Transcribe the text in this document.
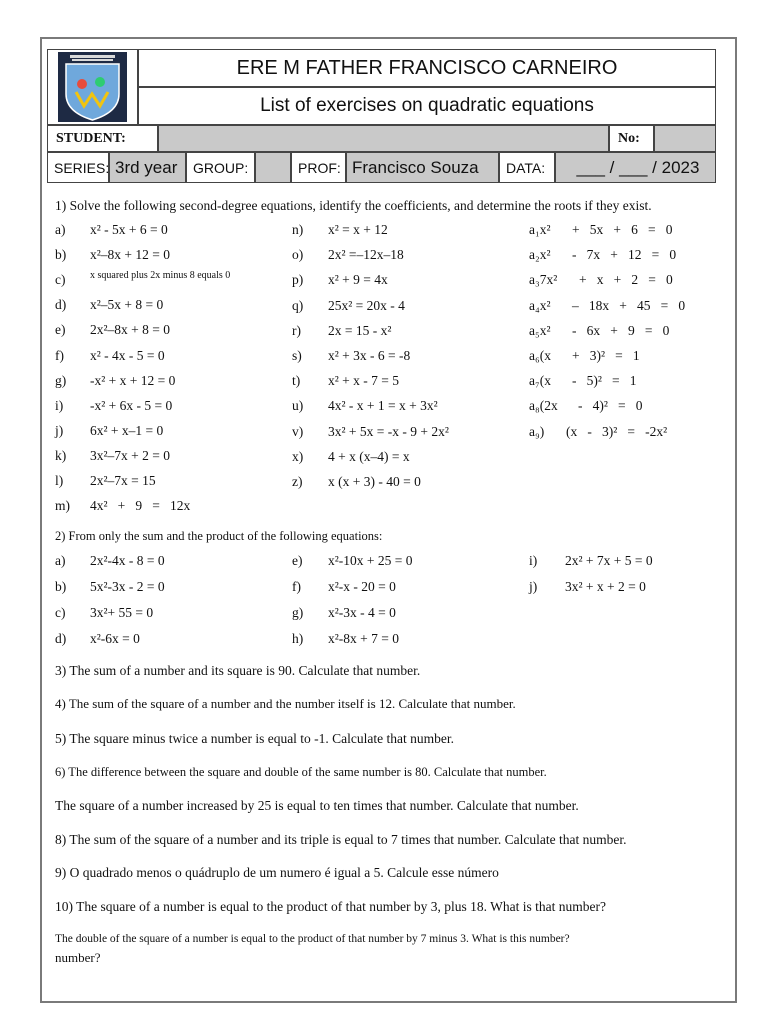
ERE M FATHER FRANCISCO CARNEIRO
List of exercises on quadratic equations
STUDENT:	No:
SERIES: 3rd year	GROUP:	PROF: Francisco Souza	DATA:	___ / ___ / 2023
1) Solve the following second-degree equations, identify the coefficients, and determine the roots if they exist.
a) x² - 5x + 6 = 0
b) x²–8x + 12 = 0
c) x squared plus 2x minus 8 equals 0
d) x²–5x + 8 = 0
e) 2x²–8x + 8 = 0
f) x² - 4x - 5 = 0
g) -x² + x + 12 = 0
i) -x² + 6x - 5 = 0
j) 6x² + x–1 = 0
k) 3x²–7x + 2 = 0
l) 2x²–7x = 15
m) 4x²   +   9   =   12x
n) x² = x + 12
o) 2x² =–12x–18
p) x² + 9 = 4x
q) 25x² = 20x - 4
r) 2x = 15 - x²
s) x² + 3x - 6 = -8
t) x² + x - 7 = 5
u) 4x² - x + 1 = x + 3x²
v) 3x² + 5x = -x - 9 + 2x²
x) 4 + x (x–4) = x
z) x (x + 3) - 40 = 0
a₁x² +   5x   +   6   =   0
a₂x² -   7x   +   12   =   0
a₃7x² +   x   +   2   =   0
a₄x² –   18x   +   45   =   0
a₅x² -   6x   +   9   =   0
a₆(x +   3)²   =   1
a₇(x -   5)²   =   1
a₈(2x -   4)²   =   0
a₉) (x   -   3)²   =   -2x²
2) From only the sum and the product of the following equations:
a) 2x²-4x - 8 = 0
b) 5x²-3x - 2 = 0
c) 3x²+ 55 = 0
d) x²-6x = 0
e) x²-10x + 25 = 0
f) x²-x - 20 = 0
g) x²-3x - 4 = 0
h) x²-8x + 7 = 0
i) 2x² + 7x + 5 = 0
j) 3x² + x + 2 = 0
3) The sum of a number and its square is 90. Calculate that number.
4) The sum of the square of a number and the number itself is 12. Calculate that number.
5) The square minus twice a number is equal to -1. Calculate that number.
6) The difference between the square and double of the same number is 80. Calculate that number.
The square of a number increased by 25 is equal to ten times that number. Calculate that number.
8) The sum of the square of a number and its triple is equal to 7 times that number. Calculate that number.
9) O quadrado menos o quádruplo de um numero é igual a 5. Calcule esse número
10) The square of a number is equal to the product of that number by 3, plus 18. What is that number?
The double of the square of a number is equal to the product of that number by 7 minus 3. What is this number?
number?
